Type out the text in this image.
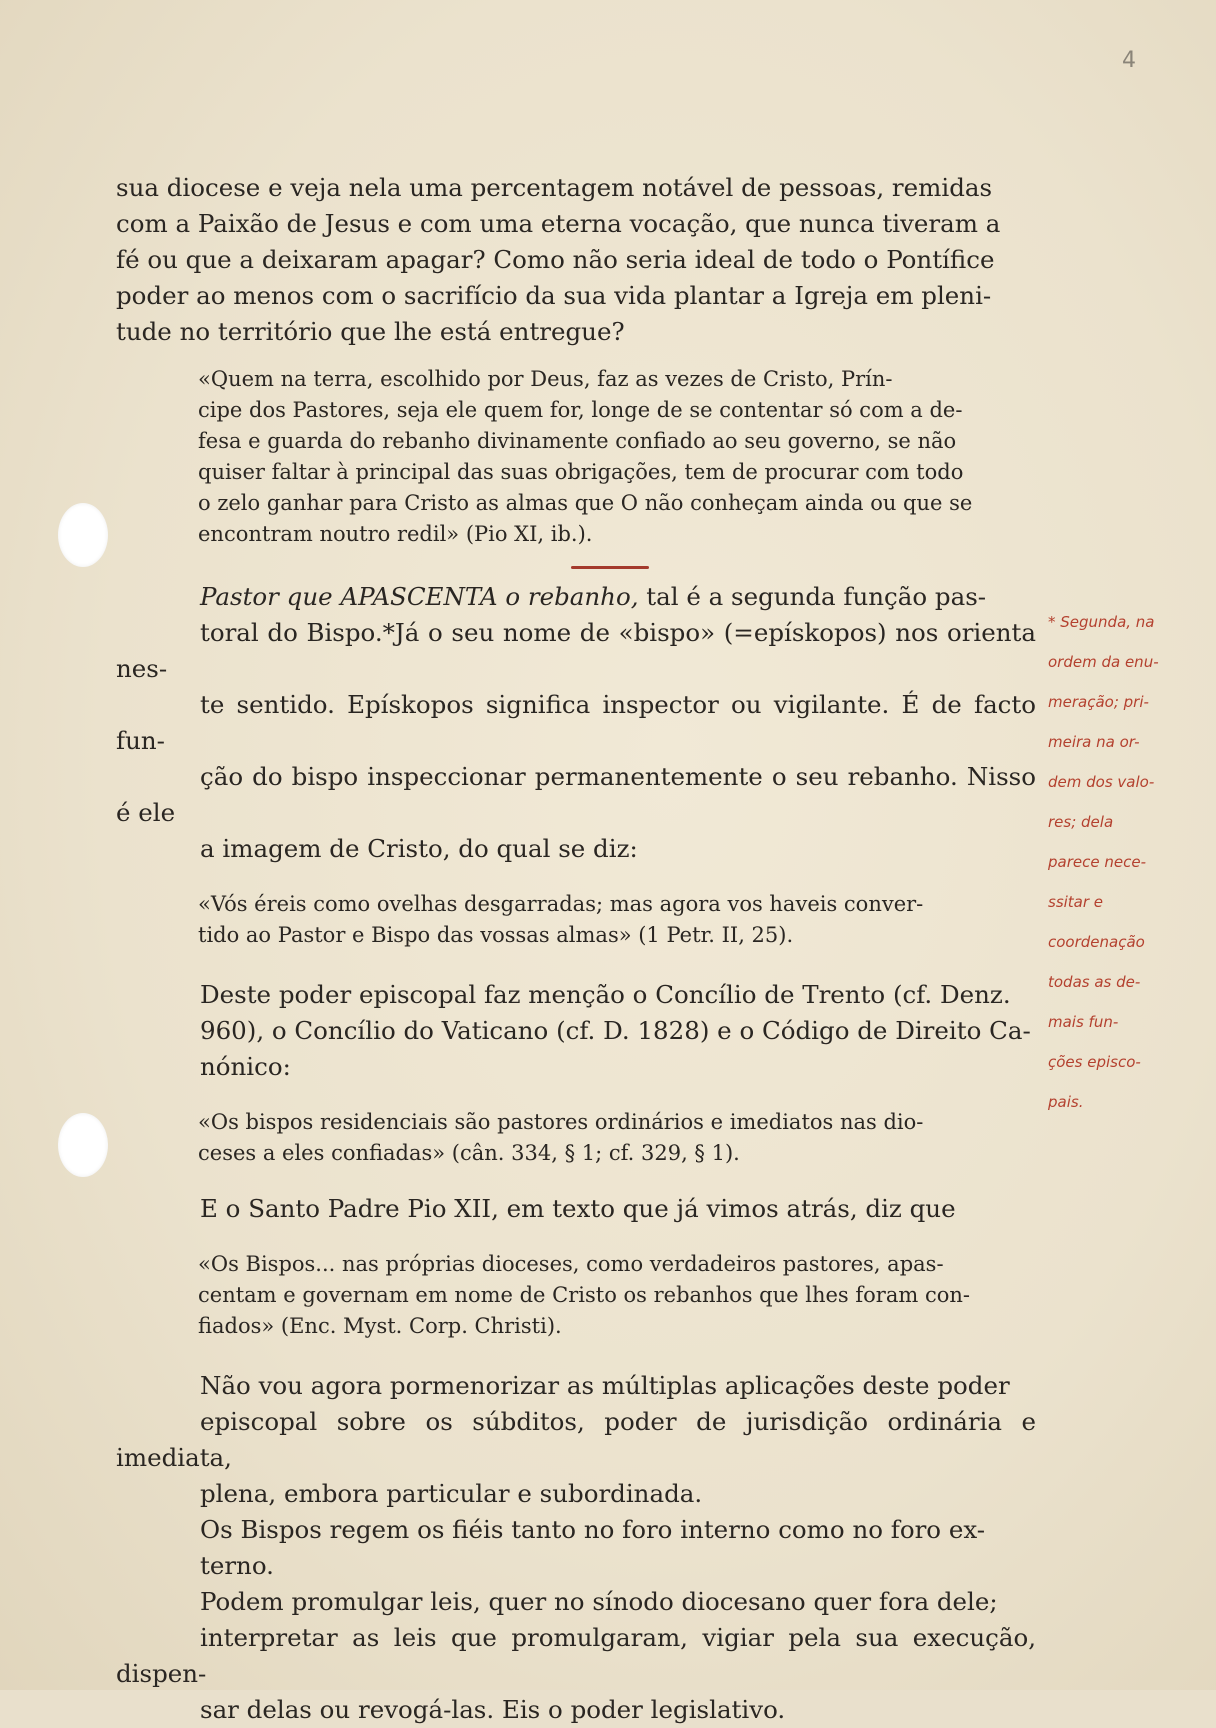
4

sua diocese e veja nela uma percentagem notável de pessoas, remidas
com a Paixão de Jesus e com uma eterna vocação, que nunca tiveram a
fé ou que a deixaram apagar? Como não seria ideal de todo o Pontífice
poder ao menos com o sacrifício da sua vida plantar a Igreja em pleni-
tude no território que lhe está entregue?

«Quem na terra, escolhido por Deus, faz as vezes de Cristo, Prín-
cipe dos Pastores, seja ele quem for, longe de se contentar só com a de-
fesa e guarda do rebanho divinamente confiado ao seu governo, se não
quiser faltar à principal das suas obrigações, tem de procurar com todo
o zelo ganhar para Cristo as almas que O não conheçam ainda ou que se
encontram noutro redil» (Pio XI, ib.).

Pastor que APASCENTA o rebanho, tal é a segunda função pas-
toral do Bispo.*Já o seu nome de «bispo» (=epískopos) nos orienta nes-
te sentido. Epískopos significa inspector ou vigilante. É de facto fun-
ção do bispo inspeccionar permanentemente o seu rebanho. Nisso é ele
a imagem de Cristo, do qual se diz:

«Vós éreis como ovelhas desgarradas; mas agora vos haveis conver-
tido ao Pastor e Bispo das vossas almas» (1 Petr. II, 25).

Deste poder episcopal faz menção o Concílio de Trento (cf. Denz.
960), o Concílio do Vaticano (cf. D. 1828) e o Código de Direito Ca-
nónico:

«Os bispos residenciais são pastores ordinários e imediatos nas dio-
ceses a eles confiadas» (cân. 334, § 1; cf. 329, § 1).

E o Santo Padre Pio XII, em texto que já vimos atrás, diz que

«Os Bispos... nas próprias dioceses, como verdadeiros pastores, apas-
centam e governam em nome de Cristo os rebanhos que lhes foram con-
fiados» (Enc. Myst. Corp. Christi).

Não vou agora pormenorizar as múltiplas aplicações deste poder
episcopal sobre os súbditos, poder de jurisdição ordinária e imediata,
plena, embora particular e subordinada.

Os Bispos regem os fiéis tanto no foro interno como no foro ex-
terno.

Podem promulgar leis, quer no sínodo diocesano quer fora dele;
interpretar as leis que promulgaram, vigiar pela sua execução, dispen-
sar delas ou revogá-las. Eis o poder legislativo.

* Segunda, na
ordem da enu-
meração; pri-
meira na or-
dem dos valo-
res; dela
parece nece-
ssitar e
coordenação
todas as de-
mais fun-
ções episco-
pais.
